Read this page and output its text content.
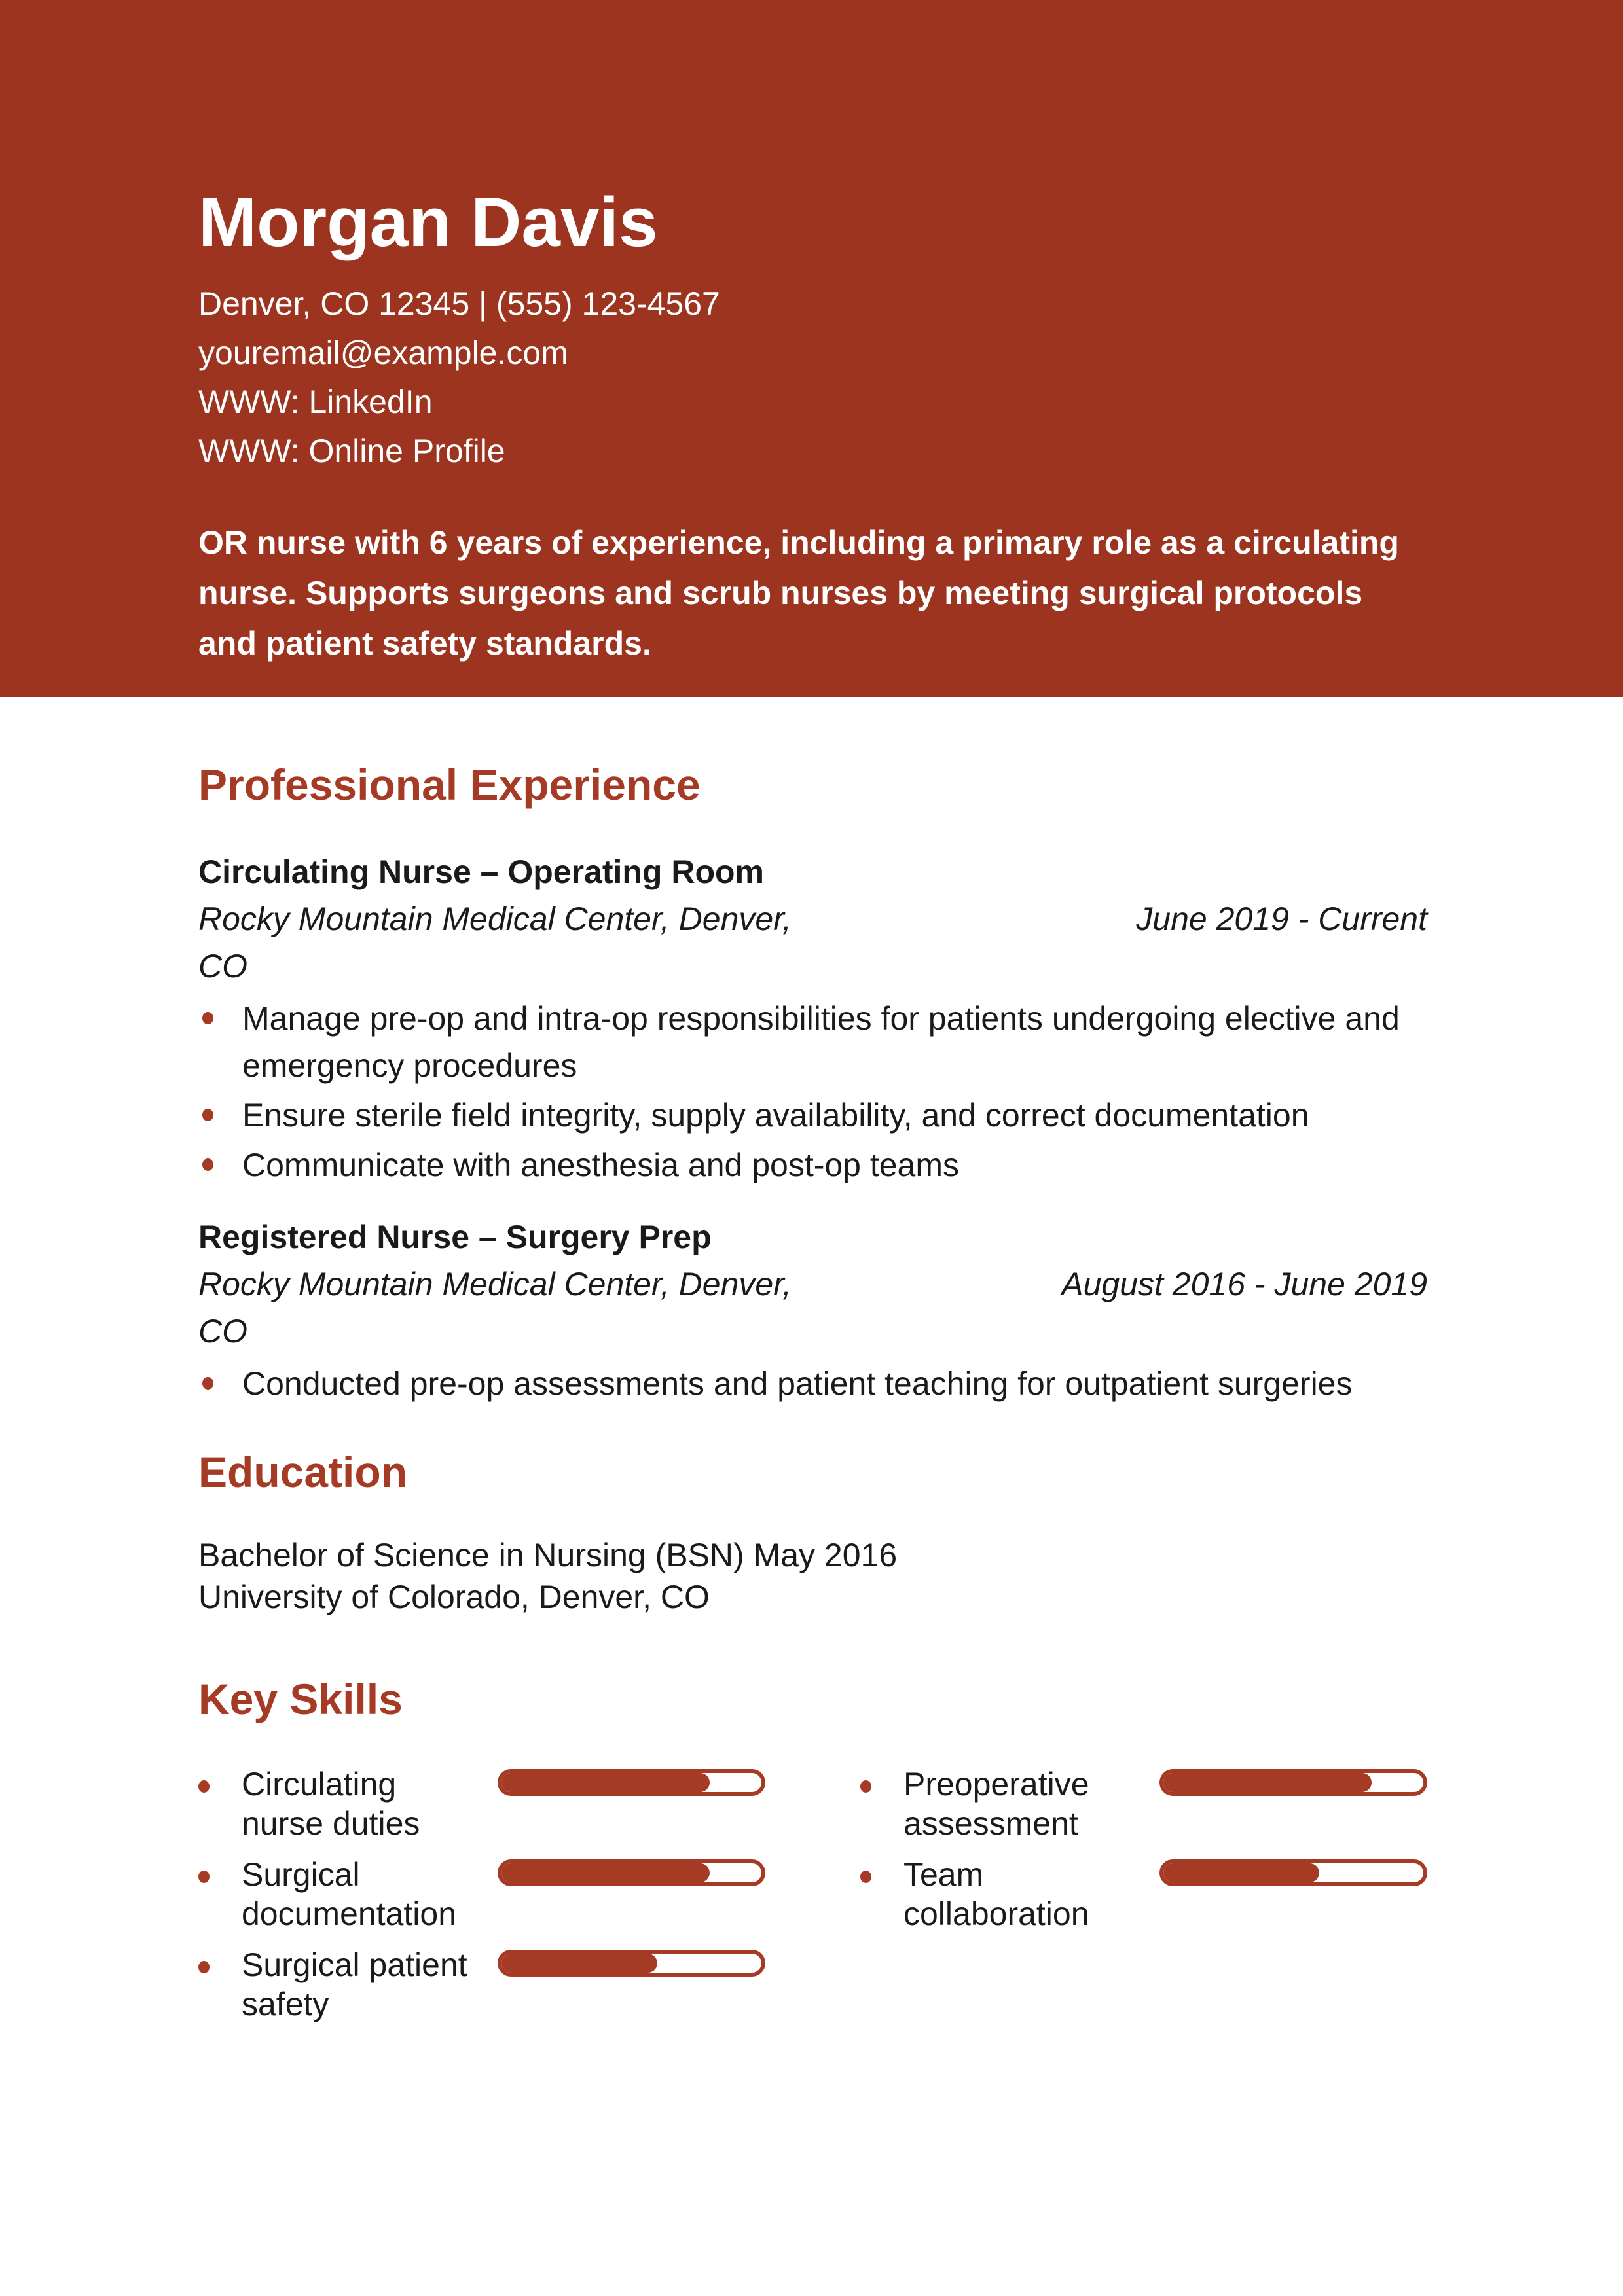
Morgan Davis
Denver, CO 12345 | (555) 123-4567
youremail@example.com
WWW: LinkedIn
WWW: Online Profile

OR nurse with 6 years of experience, including a primary role as a circulating nurse. Supports surgeons and scrub nurses by meeting surgical protocols and patient safety standards.

Professional Experience
Circulating Nurse – Operating Room
Rocky Mountain Medical Center, Denver, CO
June 2019 - Current
Manage pre-op and intra-op responsibilities for patients undergoing elective and emergency procedures
Ensure sterile field integrity, supply availability, and correct documentation
Communicate with anesthesia and post-op teams
Registered Nurse – Surgery Prep
Rocky Mountain Medical Center, Denver, CO
August 2016 - June 2019
Conducted pre-op assessments and patient teaching for outpatient surgeries
Education
Bachelor of Science in Nursing (BSN) May 2016
University of Colorado, Denver, CO
Key Skills
Circulating nurse duties
Surgical documentation
Surgical patient safety
Preoperative assessment
Team collaboration
